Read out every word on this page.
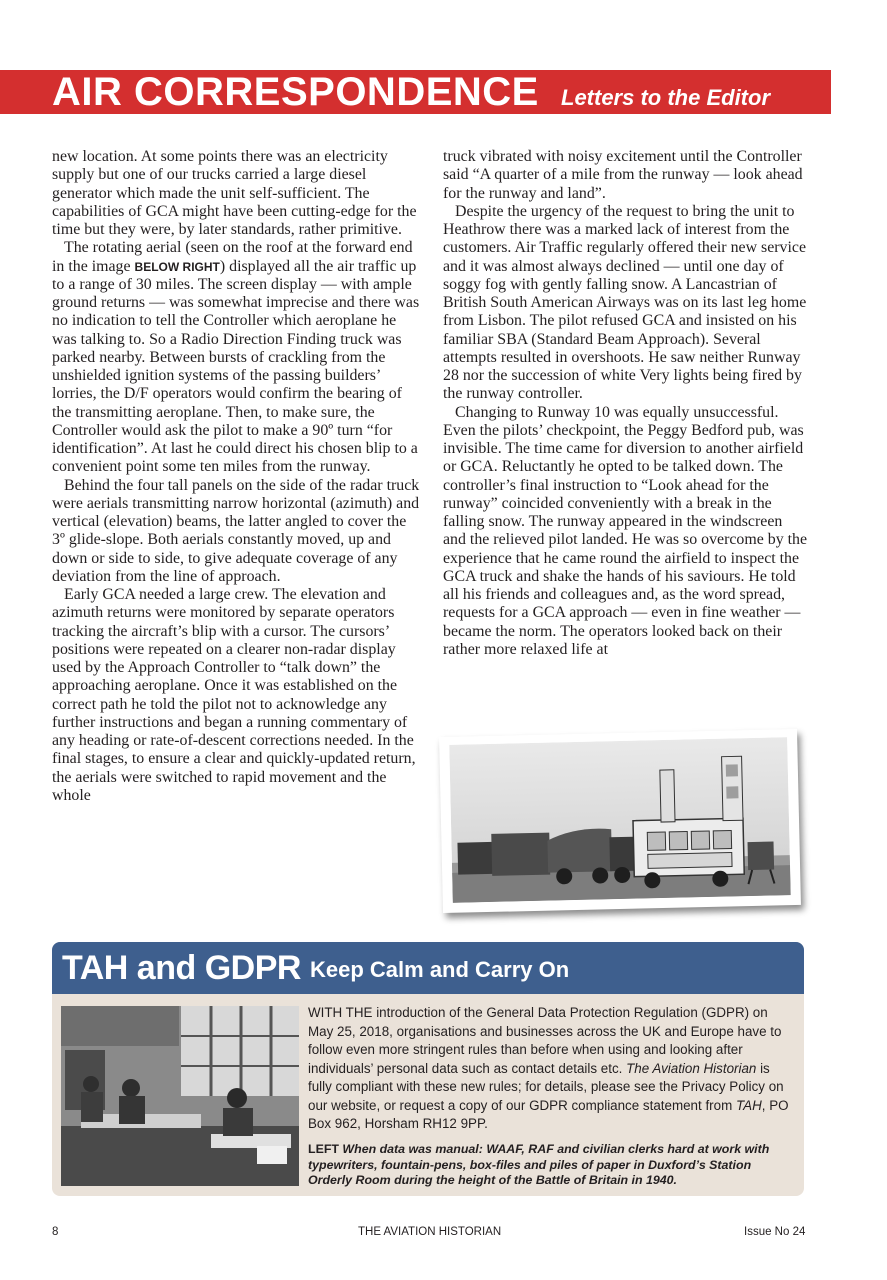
AIR CORRESPONDENCE Letters to the Editor

new location. At some points there was an electricity supply but one of our trucks carried a large diesel generator which made the unit self-sufficient. The capabilities of GCA might have been cutting-edge for the time but they were, by later standards, rather primitive.

The rotating aerial (seen on the roof at the forward end in the image BELOW RIGHT) displayed all the air traffic up to a range of 30 miles. The screen display — with ample ground returns — was somewhat imprecise and there was no indication to tell the Controller which aeroplane he was talking to. So a Radio Direction Finding truck was parked nearby. Between bursts of crackling from the unshielded ignition systems of the passing builders’ lorries, the D/F operators would confirm the bearing of the transmitting aeroplane. Then, to make sure, the Controller would ask the pilot to make a 90º turn “for identification”. At last he could direct his chosen blip to a convenient point some ten miles from the runway.

Behind the four tall panels on the side of the radar truck were aerials transmitting narrow horizontal (azimuth) and vertical (elevation) beams, the latter angled to cover the 3º glide-slope. Both aerials constantly moved, up and down or side to side, to give adequate coverage of any deviation from the line of approach.

Early GCA needed a large crew. The elevation and azimuth returns were monitored by separate operators tracking the aircraft’s blip with a cursor. The cursors’ positions were repeated on a clearer non-radar display used by the Approach Controller to “talk down” the approaching aeroplane. Once it was established on the correct path he told the pilot not to acknowledge any further instructions and began a running commentary of any heading or rate-of-descent corrections needed. In the final stages, to ensure a clear and quickly-updated return, the aerials were switched to rapid movement and the whole

truck vibrated with noisy excitement until the Controller said “A quarter of a mile from the runway — look ahead for the runway and land”.

Despite the urgency of the request to bring the unit to Heathrow there was a marked lack of interest from the customers. Air Traffic regularly offered their new service and it was almost always declined — until one day of soggy fog with gently falling snow. A Lancastrian of British South American Airways was on its last leg home from Lisbon. The pilot refused GCA and insisted on his familiar SBA (Standard Beam Approach). Several attempts resulted in overshoots. He saw neither Runway 28 nor the succession of white Very lights being fired by the runway controller.

Changing to Runway 10 was equally unsuccessful. Even the pilots’ checkpoint, the Peggy Bedford pub, was invisible. The time came for diversion to another airfield or GCA. Reluctantly he opted to be talked down. The controller’s final instruction to “Look ahead for the runway” coincided conveniently with a break in the falling snow. The runway appeared in the windscreen and the relieved pilot landed. He was so overcome by the experience that he came round the airfield to inspect the GCA truck and shake the hands of his saviours. He told all his friends and colleagues and, as the word spread, requests for a GCA approach — even in fine weather — became the norm. The operators looked back on their rather more relaxed life at

TAH and GDPR Keep Calm and Carry On
WITH THE introduction of the General Data Protection Regulation (GDPR) on May 25, 2018, organisations and businesses across the UK and Europe have to follow even more stringent rules than before when using and looking after individuals’ personal data such as contact details etc. The Aviation Historian is fully compliant with these new rules; for details, please see the Privacy Policy on our website, or request a copy of our GDPR compliance statement from TAH, PO Box 962, Horsham RH12 9PP.
LEFT When data was manual: WAAF, RAF and civilian clerks hard at work with typewriters, fountain-pens, box-files and piles of paper in Duxford’s Station Orderly Room during the height of the Battle of Britain in 1940.
8	THE AVIATION HISTORIAN	Issue No 24
